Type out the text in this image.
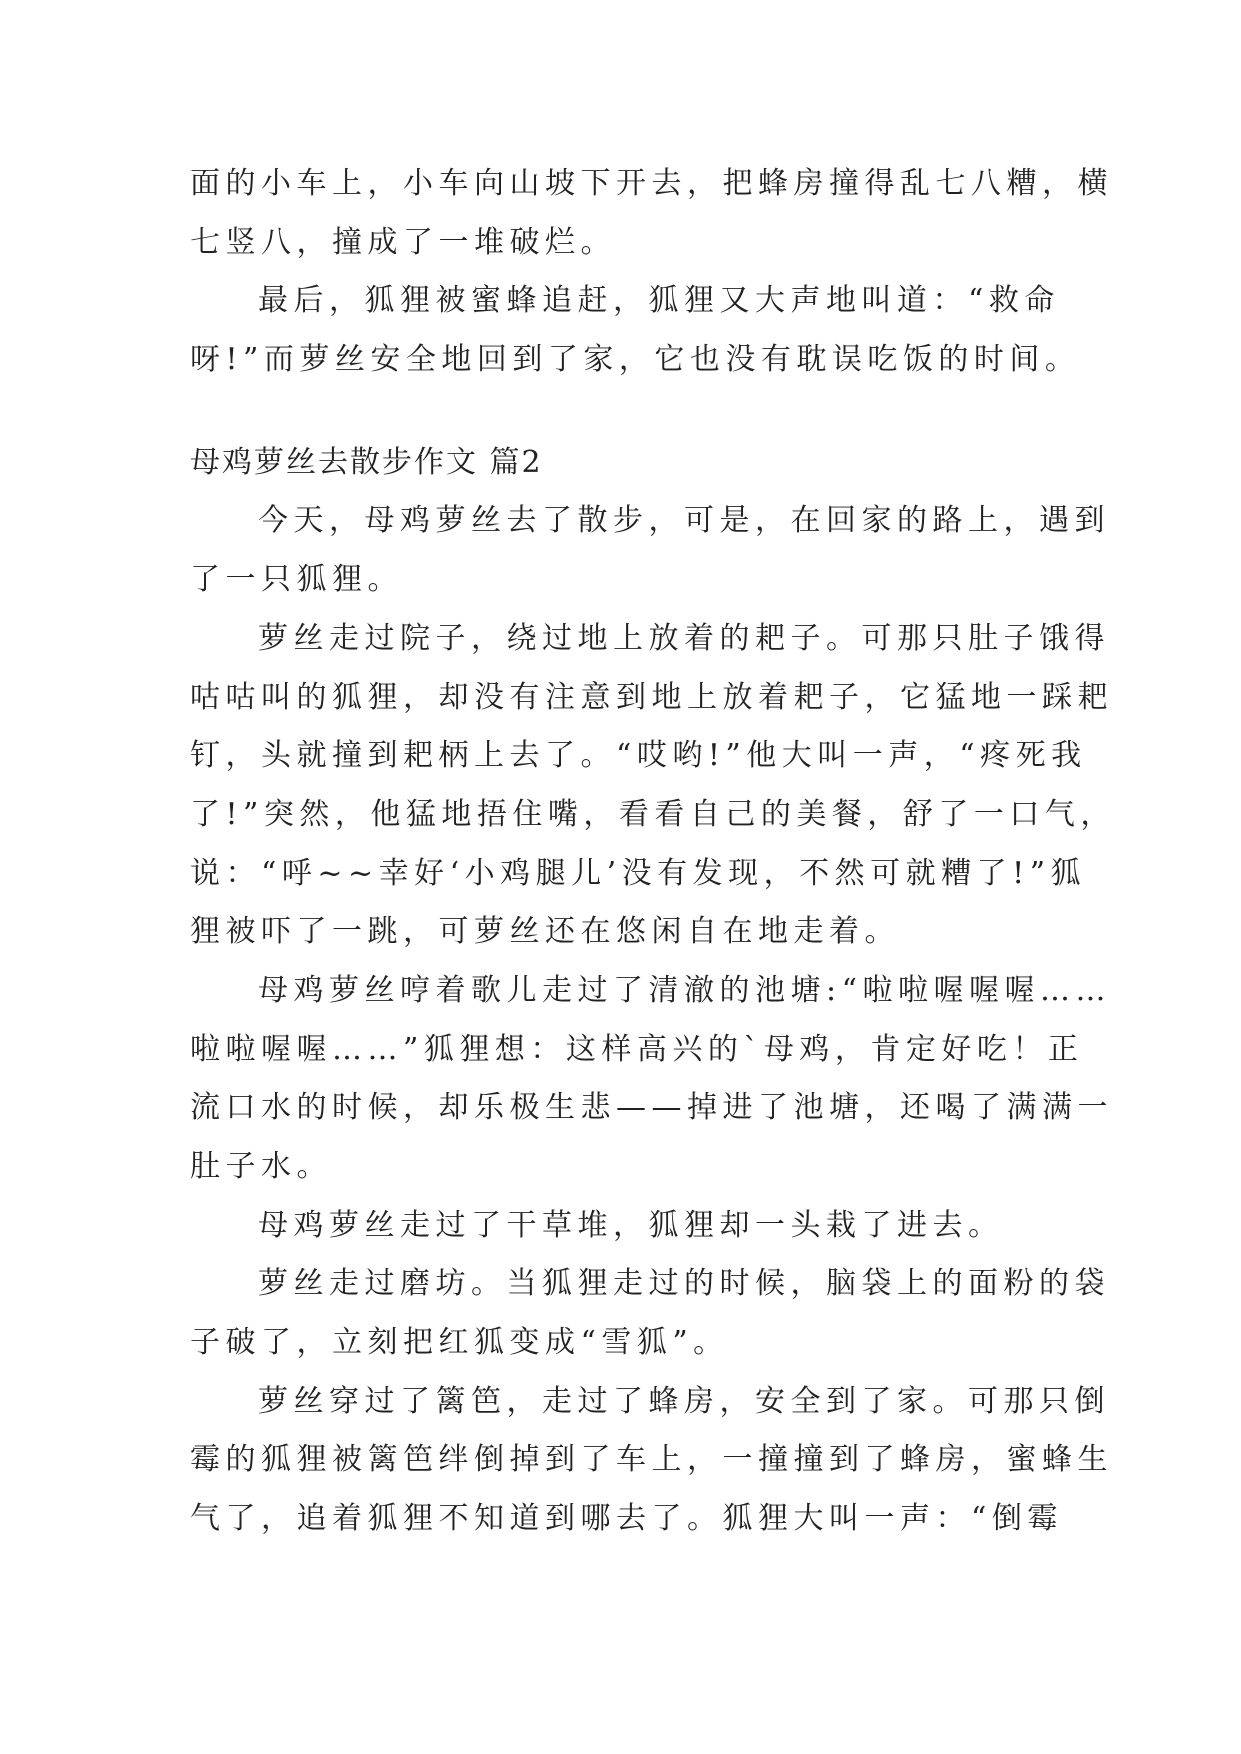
面的小车上，小车向山坡下开去，把蜂房撞得乱七八糟，横
七竖八，撞成了一堆破烂。
最后，狐狸被蜜蜂追赶，狐狸又大声地叫道：“救命
呀!”而萝丝安全地回到了家，它也没有耽误吃饭的时间。
母鸡萝丝去散步作文 篇2
今天，母鸡萝丝去了散步，可是，在回家的路上，遇到
了一只狐狸。
萝丝走过院子，绕过地上放着的耙子。可那只肚子饿得
咕咕叫的狐狸，却没有注意到地上放着耙子，它猛地一踩耙
钉，头就撞到耙柄上去了。“哎哟!”他大叫一声，“疼死我
了!”突然，他猛地捂住嘴，看看自己的美餐，舒了一口气，
说：“呼~~幸好‘小鸡腿儿’没有发现，不然可就糟了!”狐
狸被吓了一跳，可萝丝还在悠闲自在地走着。
母鸡萝丝哼着歌儿走过了清澈的池塘:“啦啦喔喔喔……
啦啦喔喔……”狐狸想：这样高兴的`母鸡，肯定好吃！正
流口水的时候，却乐极生悲——掉进了池塘，还喝了满满一
肚子水。
母鸡萝丝走过了干草堆，狐狸却一头栽了进去。
萝丝走过磨坊。当狐狸走过的时候，脑袋上的面粉的袋
子破了，立刻把红狐变成“雪狐”。
萝丝穿过了篱笆，走过了蜂房，安全到了家。可那只倒
霉的狐狸被篱笆绊倒掉到了车上，一撞撞到了蜂房，蜜蜂生
气了，追着狐狸不知道到哪去了。狐狸大叫一声：“倒霉
